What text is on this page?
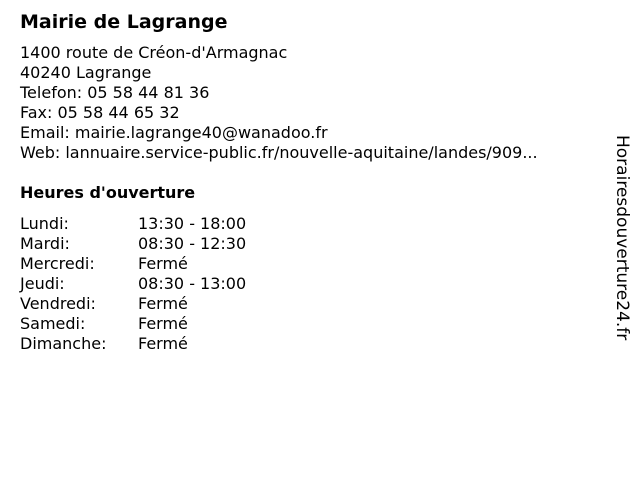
Mairie de Lagrange
1400 route de Créon-d'Armagnac
40240 Lagrange
Telefon: 05 58 44 81 36
Fax: 05 58 44 65 32
Email: mairie.lagrange40@wanadoo.fr
Web: lannuaire.service-public.fr/nouvelle-aquitaine/landes/909...
Heures d'ouverture
Lundi:	13:30 - 18:00
Mardi:	08:30 - 12:30
Mercredi:	Fermé
Jeudi:	08:30 - 13:00
Vendredi:	Fermé
Samedi:	Fermé
Dimanche: Fermé
Horairesdouverture24.fr
